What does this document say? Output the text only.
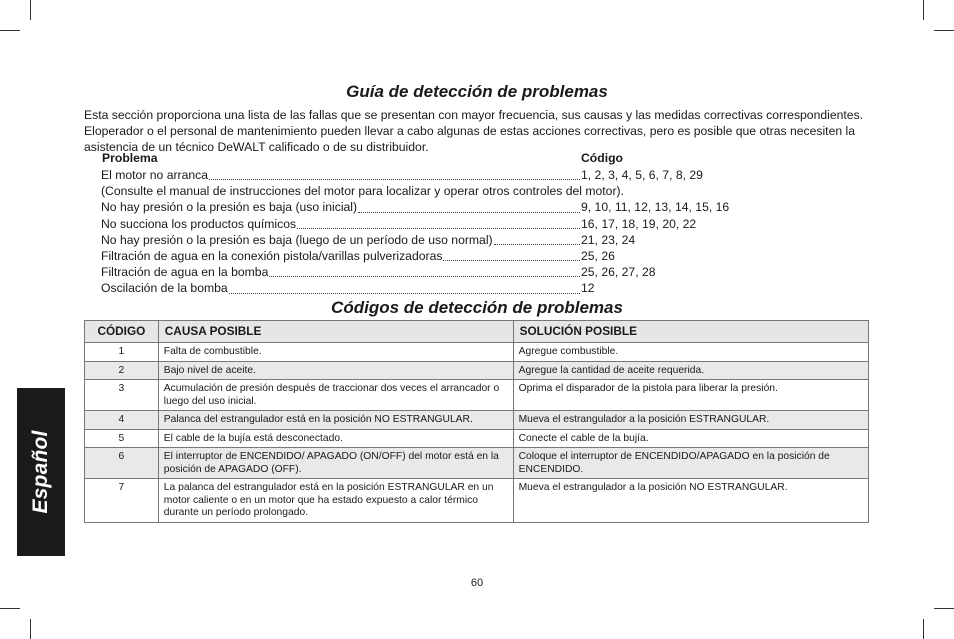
Español
Guía de detección de problemas

Esta sección proporciona una lista de las fallas que se presentan con mayor frecuencia, sus causas y las medidas correctivas correspondientes. Eloperador o el personal de mantenimiento pueden llevar a cabo algunas de estas acciones correctivas, pero es posible que otras necesiten la asistencia de un técnico DeWALT calificado o de su distribuidor.

Problema	Código
El motor no arranca	1, 2, 3, 4, 5, 6, 7, 8, 29
(Consulte el manual de instrucciones del motor para localizar y operar otros controles del motor).
No hay presión o la presión es baja (uso inicial)	9, 10, 11, 12, 13, 14, 15, 16
No succiona los productos químicos	16, 17, 18, 19, 20, 22
No hay presión o la presión es baja (luego de un período de uso normal)	21, 23, 24
Filtración de agua en la conexión pistola/varillas pulverizadoras	25, 26
Filtración de agua en la bomba	25, 26, 27, 28
Oscilación de la bomba	12
Códigos de detección de problemas
CÓDIGO	CAUSA POSIBLE	SOLUCIÓN POSIBLE
1	Falta de combustible.	Agregue combustible.
2	Bajo nivel de aceite.	Agregue la cantidad de aceite requerida.
3	Acumulación de presión después de traccionar dos veces el arrancador o luego del uso inicial.	Oprima el disparador de la pistola para liberar la presión.
4	Palanca del estrangulador está en la posición NO ESTRANGULAR.	Mueva el estrangulador a la posición ESTRANGULAR.
5	El cable de la bujía está desconectado.	Conecte el cable de la bujía.
6	El interruptor de ENCENDIDO/ APAGADO (ON/OFF) del motor está en la posición de APAGADO (OFF).	Coloque el interruptor de ENCENDIDO/APAGADO en la posición de ENCENDIDO.
7	La palanca del estrangulador está en la posición ESTRANGULAR en un motor caliente o en un motor que ha estado expuesto a calor térmico durante un período prolongado.	Mueva el estrangulador a la posición NO ESTRANGULAR.
60
